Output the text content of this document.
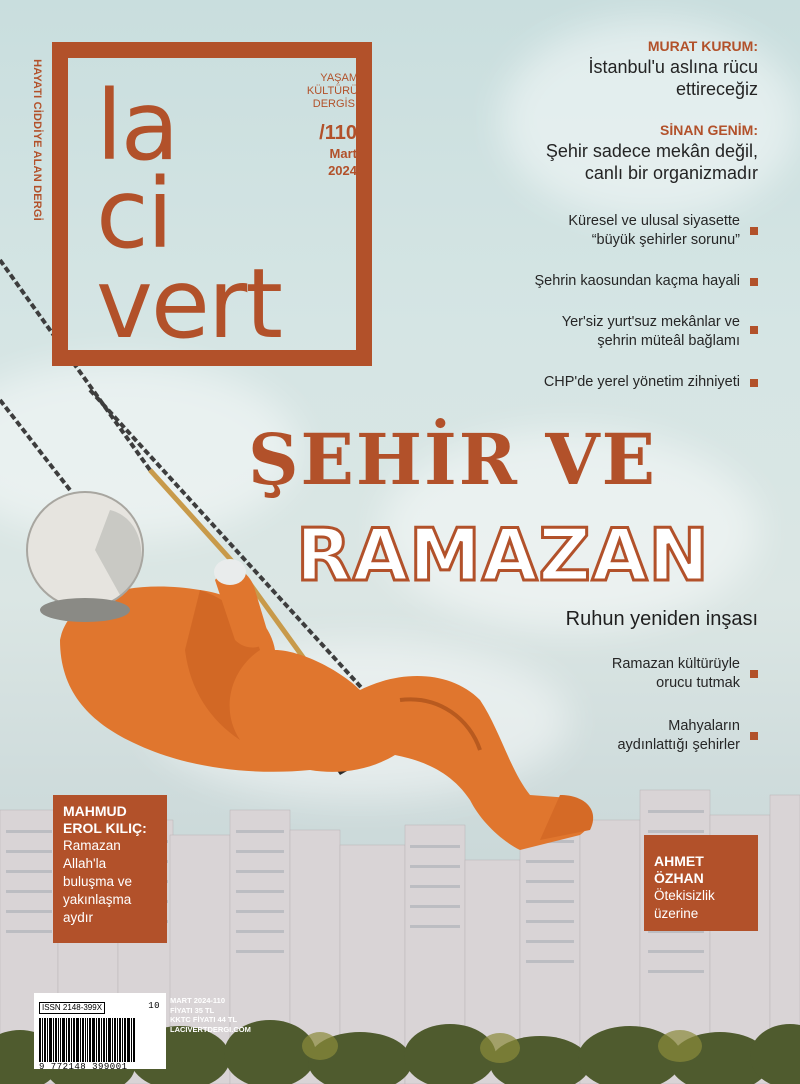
HAYATI CİDDİYE ALAN DERGİ la
ci
vert
YAŞAM
KÜLTÜRÜ
DERGİSİ
/110
Mart
2024
MURAT KURUM:
İstanbul'u aslına rücu
ettireceğiz
SİNAN GENİM:
Şehir sadece mekân değil,
canlı bir organizmadır
Küresel ve ulusal siyasette
“büyük şehirler sorunu”
Şehrin kaosundan kaçma hayali
Yer'siz yurt'suz mekânlar ve
şehrin müteâl bağlamı
CHP'de yerel yönetim zihniyeti
ŞEHİR VE
RAMAZAN
Ruhun yeniden inşası
Ramazan kültürüyle
orucu tutmak
Mahyaların
aydınlattığı şehirler
MAHMUD
EROL KILIÇ:
Ramazan
Allah'la
buluşma ve
yakınlaşma
aydır
AHMET
ÖZHAN
Ötekisizlik
üzerine
ISSN 2148-399X
9 772148 399001
10
MART 2024-110
FİYATI 35 TL
KKTC FİYATI 44 TL
LACIVERTDERGI.COM
